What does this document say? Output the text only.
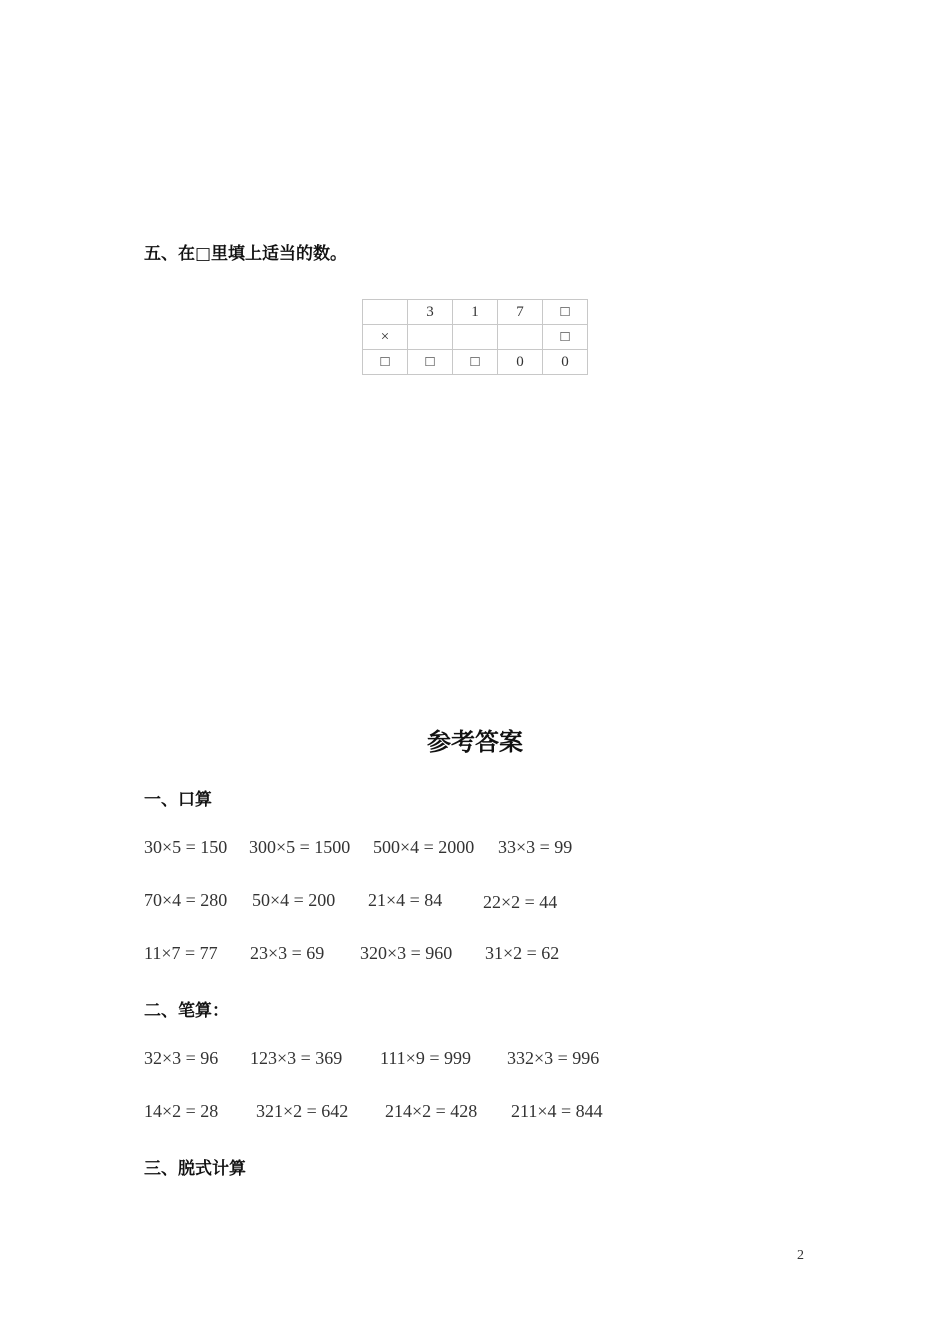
五、在□里填上适当的数。
	3	1	7	□
×				□
□	□	□	0	0
参考答案
一、口算
30×5 = 150 300×5 = 1500 500×4 = 2000 33×3 = 99
70×4 = 280 50×4 = 200 21×4 = 84 22×2 = 44
11×7 = 77 23×3 = 69 320×3 = 960 31×2 = 62
二、笔算：
32×3 = 96 123×3 = 369 111×9 = 999 332×3 = 996
14×2 = 28 321×2 = 642 214×2 = 428 211×4 = 844
三、脱式计算
2
